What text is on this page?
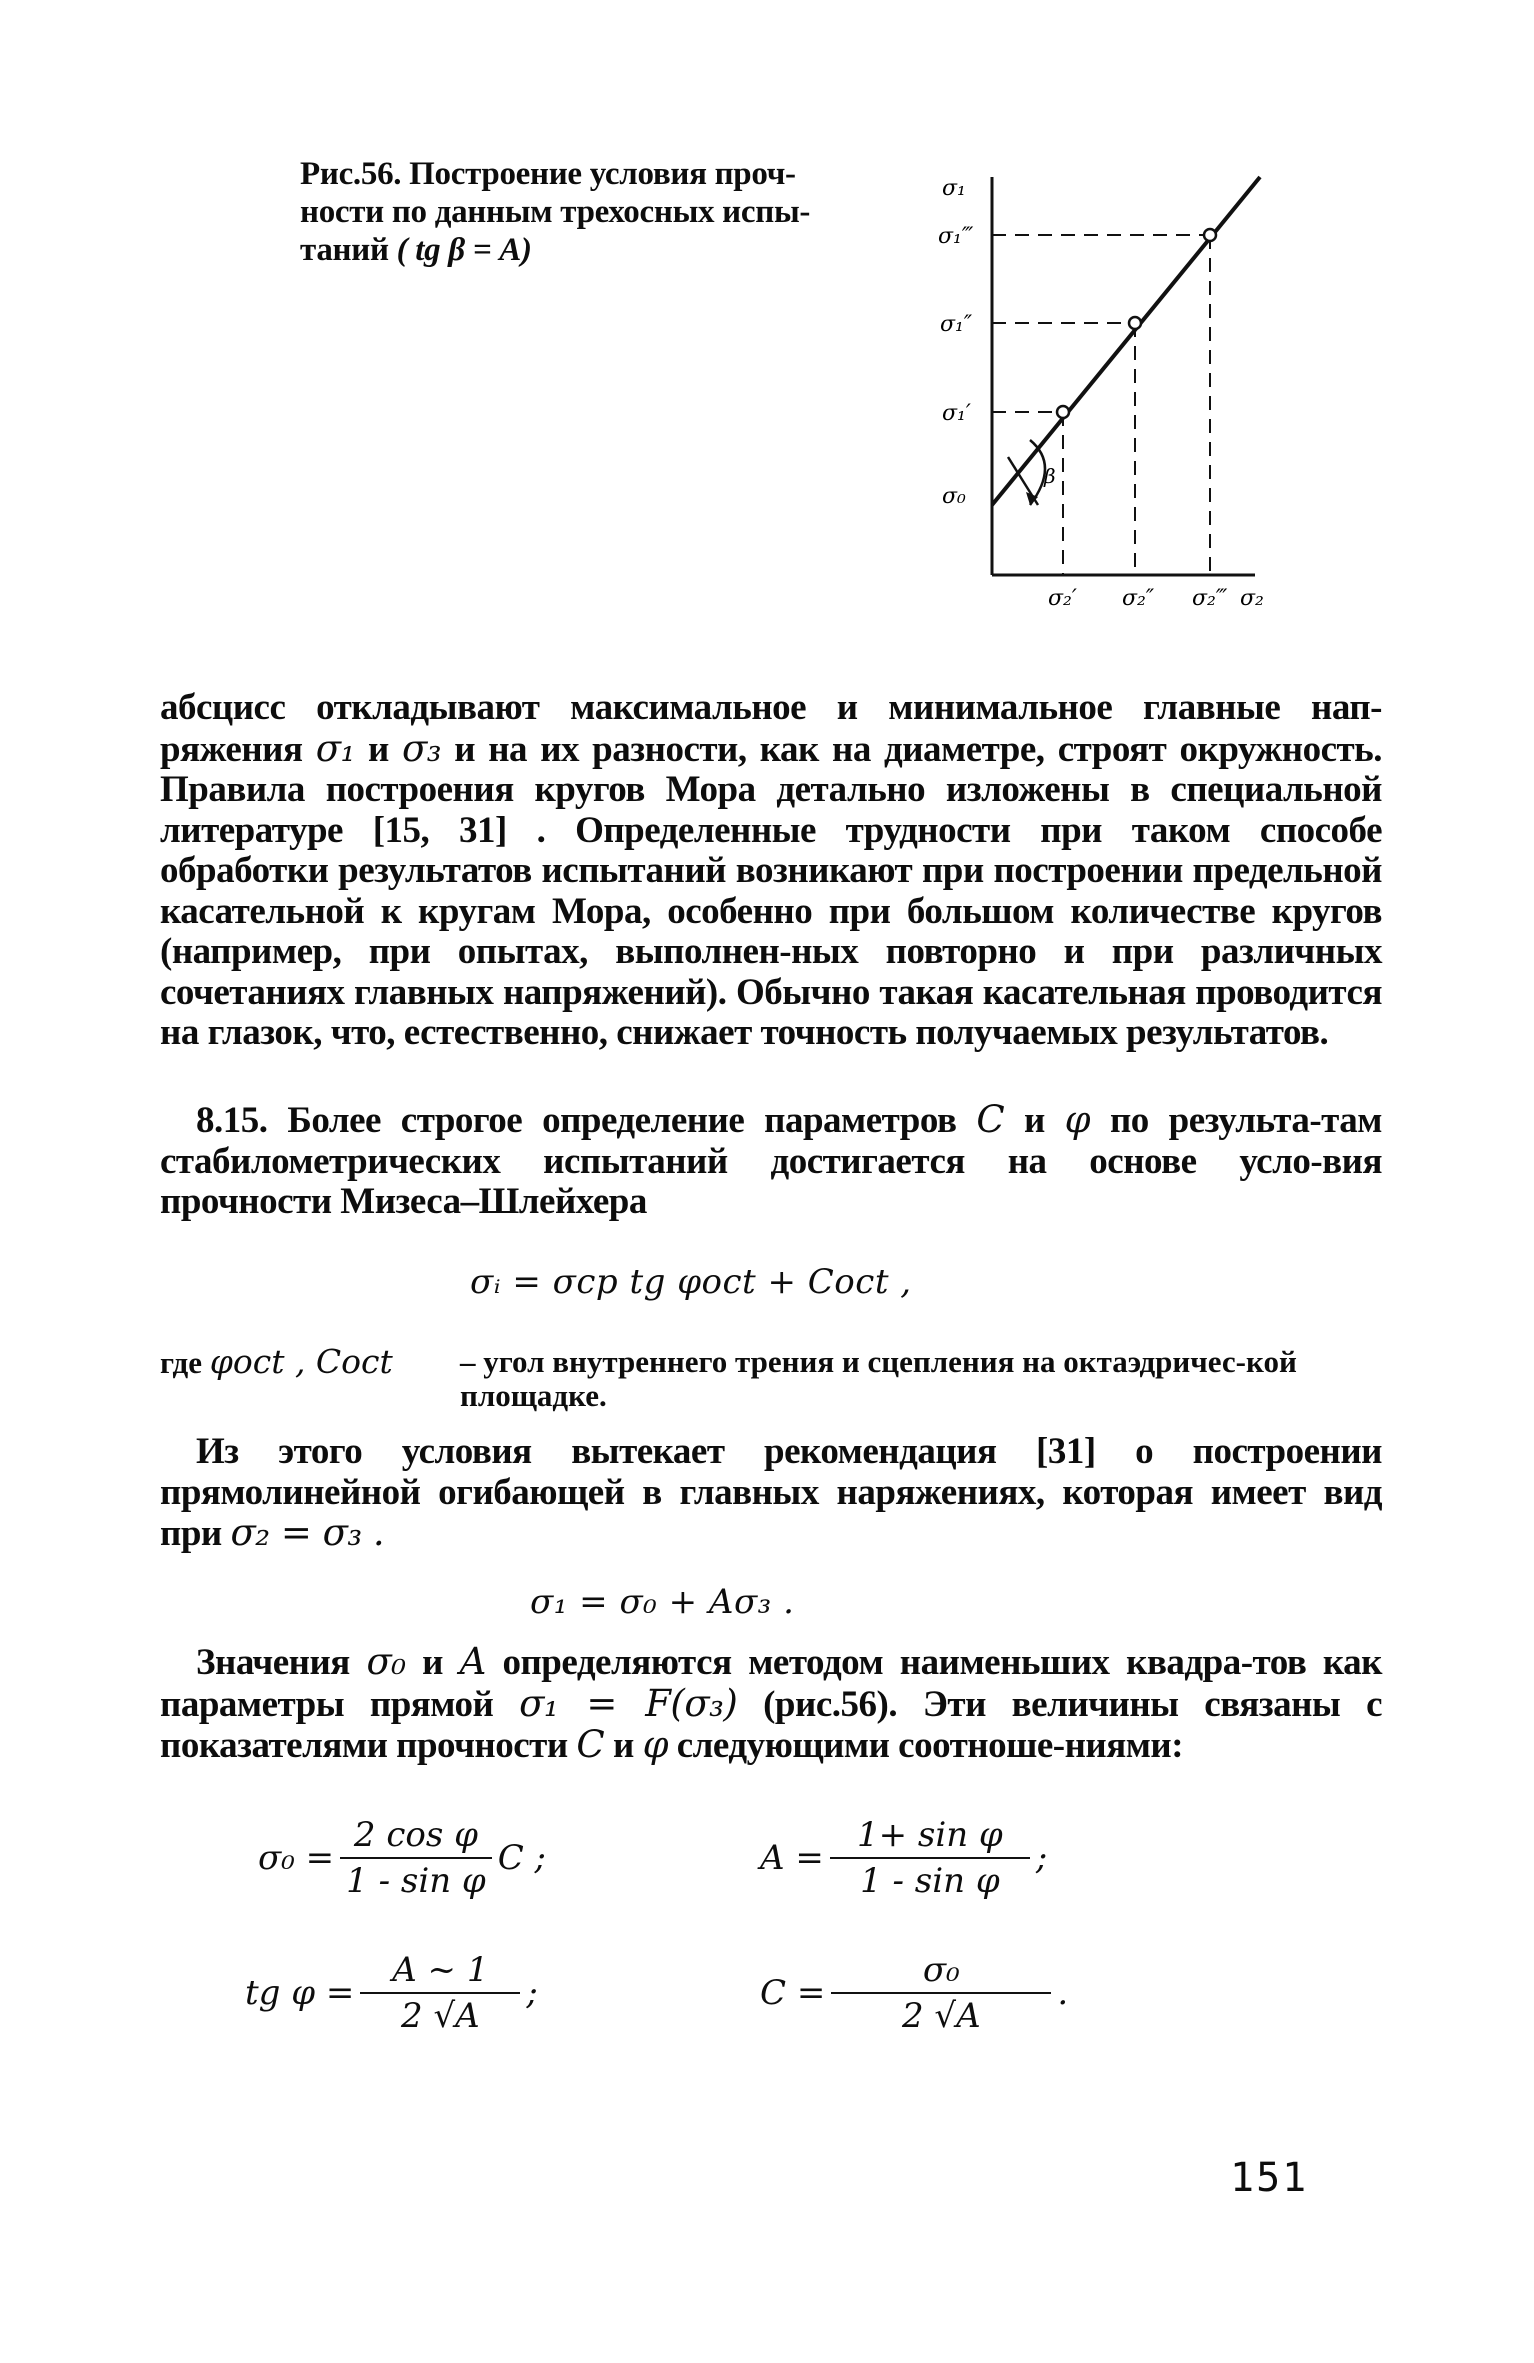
Рис.56. Построение условия проч-
ности по данным трехосных испы-
таний ( tg β = A)
β
σ₁
σ₁‴
σ₁″
σ₁′
σ₀
σ₂′ σ₂″ σ₂‴ σ₂
абсцисс откладывают максимальное и минимальное главные нап-ряжения σ₁ и σ₃ и на их разности, как на диаметре, строят окружность. Правила построения кругов Мора детально изложены в специальной литературе [15, 31] . Определенные трудности при таком способе обработки результатов испытаний возникают при построении предельной касательной к кругам Мора, особенно при большом количестве кругов (например, при опытах, выполнен-ных повторно и при различных сочетаниях главных напряжений). Обычно такая касательная проводится на глазок, что, естественно, снижает точность получаемых результатов.
8.15. Более строгое определение параметров C и φ по результа-там стабилометрических испытаний достигается на основе усло-вия прочности Мизеса–Шлейхера
σᵢ = σcp tg φoct + Coct ,
где φoct , Coct	– угол внутреннего трения и сцепления на октаэдричес-кой площадке.
Из этого условия вытекает рекомендация [31] о построении прямолинейной огибающей в главных наряжениях, которая имеет вид при σ₂ = σ₃ .
σ₁ = σ₀ + Aσ₃ .
Значения σ₀ и A определяются методом наименьших квадра-тов как параметры прямой σ₁ = F(σ₃) (рис.56). Эти величины связаны с показателями прочности C и φ следующими соотноше-ниями:
$\sigma_0 = \frac{\text{2 cos φ}}{\text{1 - sin φ}}$ C ;	$A = \frac{\text{1+ sin φ}}{\text{1 - sin φ}}$ ;
tg $\varphi = \frac{A \sim 1}{2 √A}$ ;	$C = \frac{\text{σ₀}}{2 √A}$ .
151
